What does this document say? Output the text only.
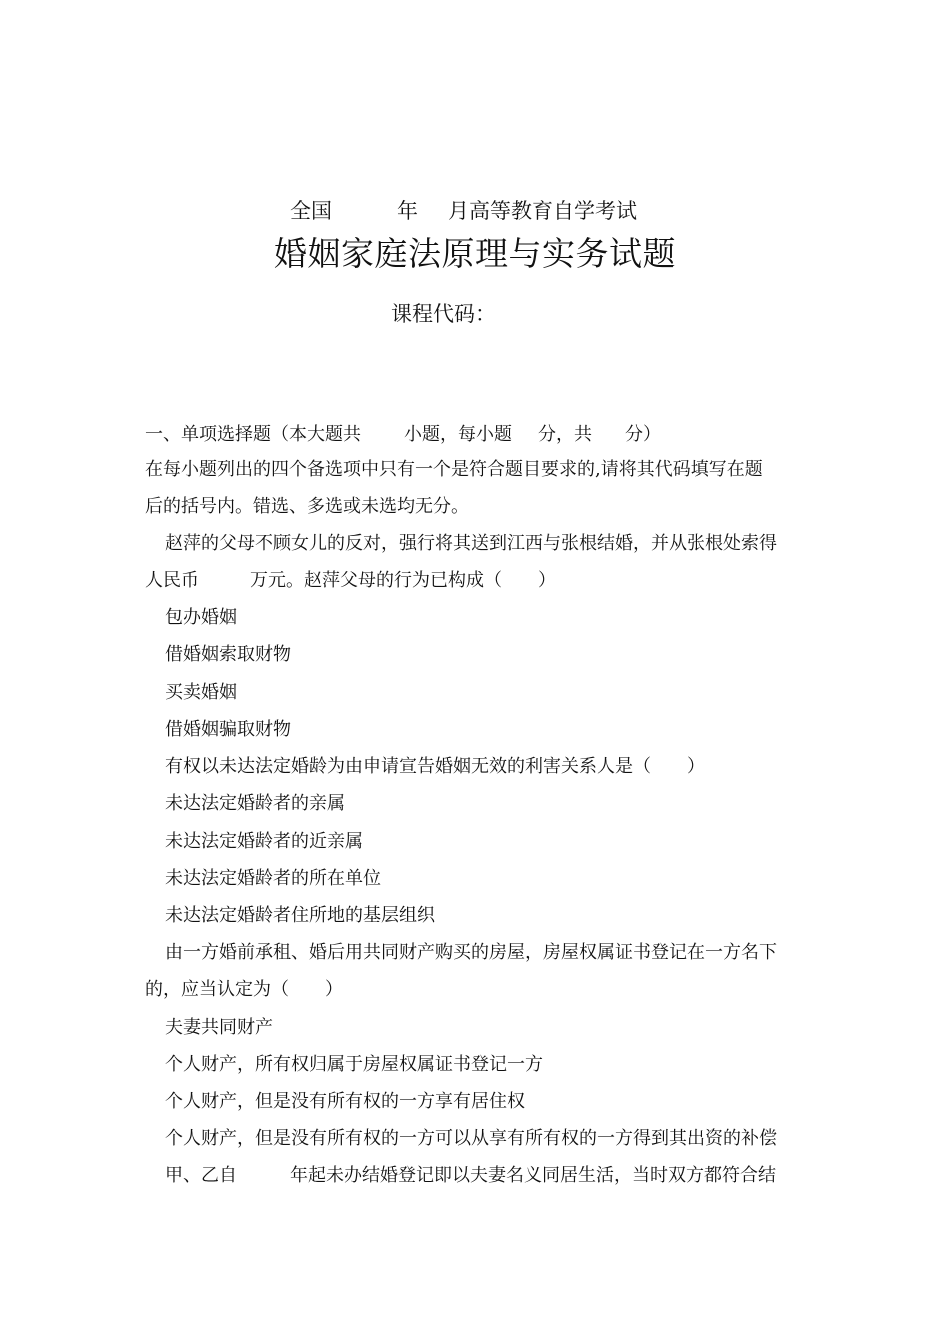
全国	年 月高等教育自学考试
婚姻家庭法原理与实务试题
课程代码：
一、单项选择题（本大题共 小题，每小题 分，共 分）
在每小题列出的四个备选项中只有一个是符合题目要求的,请将其代码填写在题
后的括号内。错选、多选或未选均无分。
赵萍的父母不顾女儿的反对，强行将其送到江西与张根结婚，并从张根处索得
人民币	万元。赵萍父母的行为已构成（　　）
包办婚姻
借婚姻索取财物
买卖婚姻
借婚姻骗取财物
有权以未达法定婚龄为由申请宣告婚姻无效的利害关系人是（　　）
未达法定婚龄者的亲属
未达法定婚龄者的近亲属
未达法定婚龄者的所在单位
未达法定婚龄者住所地的基层组织
由一方婚前承租、婚后用共同财产购买的房屋，房屋权属证书登记在一方名下
的，应当认定为（　　）
夫妻共同财产
个人财产，所有权归属于房屋权属证书登记一方
个人财产，但是没有所有权的一方享有居住权
个人财产，但是没有所有权的一方可以从享有所有权的一方得到其出资的补偿
甲、乙自	年起未办结婚登记即以夫妻名义同居生活，当时双方都符合结
